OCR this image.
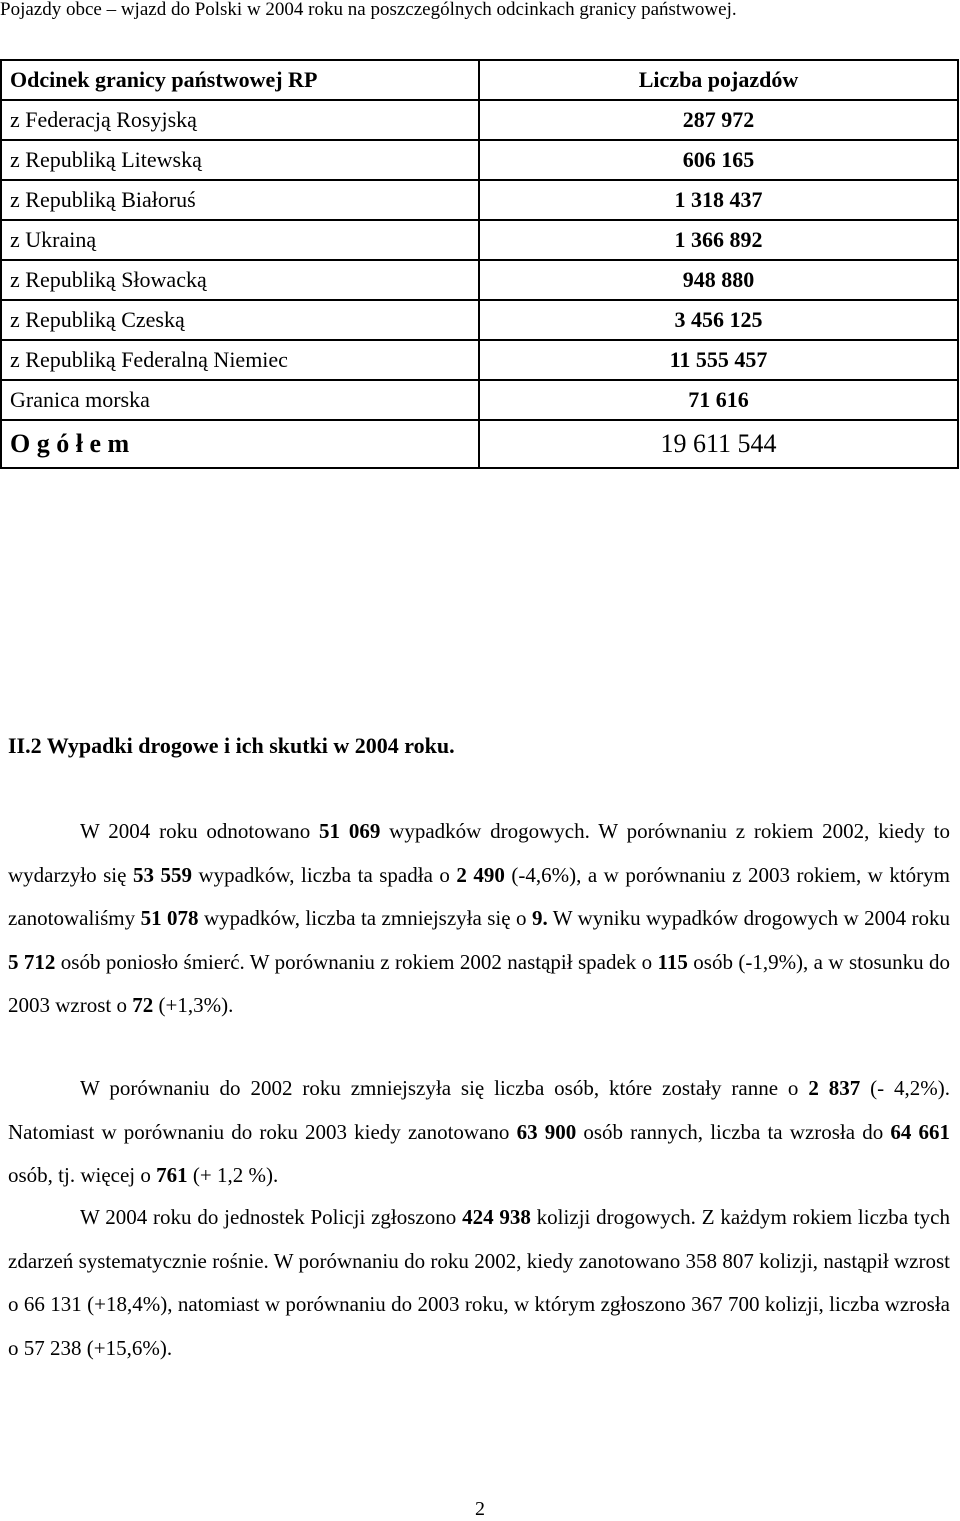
Pojazdy obce – wjazd do Polski w 2004 roku na poszczególnych odcinkach granicy państwowej.
Odcinek granicy państwowej RP	Liczba pojazdów
z Federacją Rosyjską	287 972
z Republiką Litewską	606 165
z Republiką Białoruś	1 318 437
z Ukrainą	1 366 892
z Republiką Słowacką	948 880
z Republiką Czeską	3 456 125
z Republiką Federalną Niemiec	11 555 457
Granica morska	71 616
O g ó ł e m	19 611 544
II.2 Wypadki drogowe i ich skutki w 2004 roku.

W 2004 roku odnotowano 51 069 wypadków drogowych. W porównaniu z rokiem 2002, kiedy to wydarzyło się 53 559 wypadków, liczba ta spadła o 2 490 (-4,6%), a w porównaniu z 2003 rokiem, w którym zanotowaliśmy 51 078 wypadków, liczba ta zmniejszyła się o 9. W wyniku wypadków drogowych w 2004 roku 5 712 osób poniosło śmierć. W porównaniu z rokiem 2002 nastąpił spadek o 115 osób (-1,9%), a w stosunku do 2003 wzrost o 72 (+1,3%).

W porównaniu do 2002 roku zmniejszyła się liczba osób, które zostały ranne o 2 837 (- 4,2%). Natomiast w porównaniu do roku 2003 kiedy zanotowano 63 900 osób rannych, liczba ta wzrosła do 64 661 osób, tj. więcej o 761 (+ 1,2 %).

W 2004 roku do jednostek Policji zgłoszono 424 938 kolizji drogowych. Z każdym rokiem liczba tych zdarzeń systematycznie rośnie. W porównaniu do roku 2002, kiedy zanotowano 358 807 kolizji, nastąpił wzrost o 66 131 (+18,4%), natomiast w porównaniu do 2003 roku, w którym zgłoszono 367 700 kolizji, liczba wzrosła o 57 238 (+15,6%).

2
